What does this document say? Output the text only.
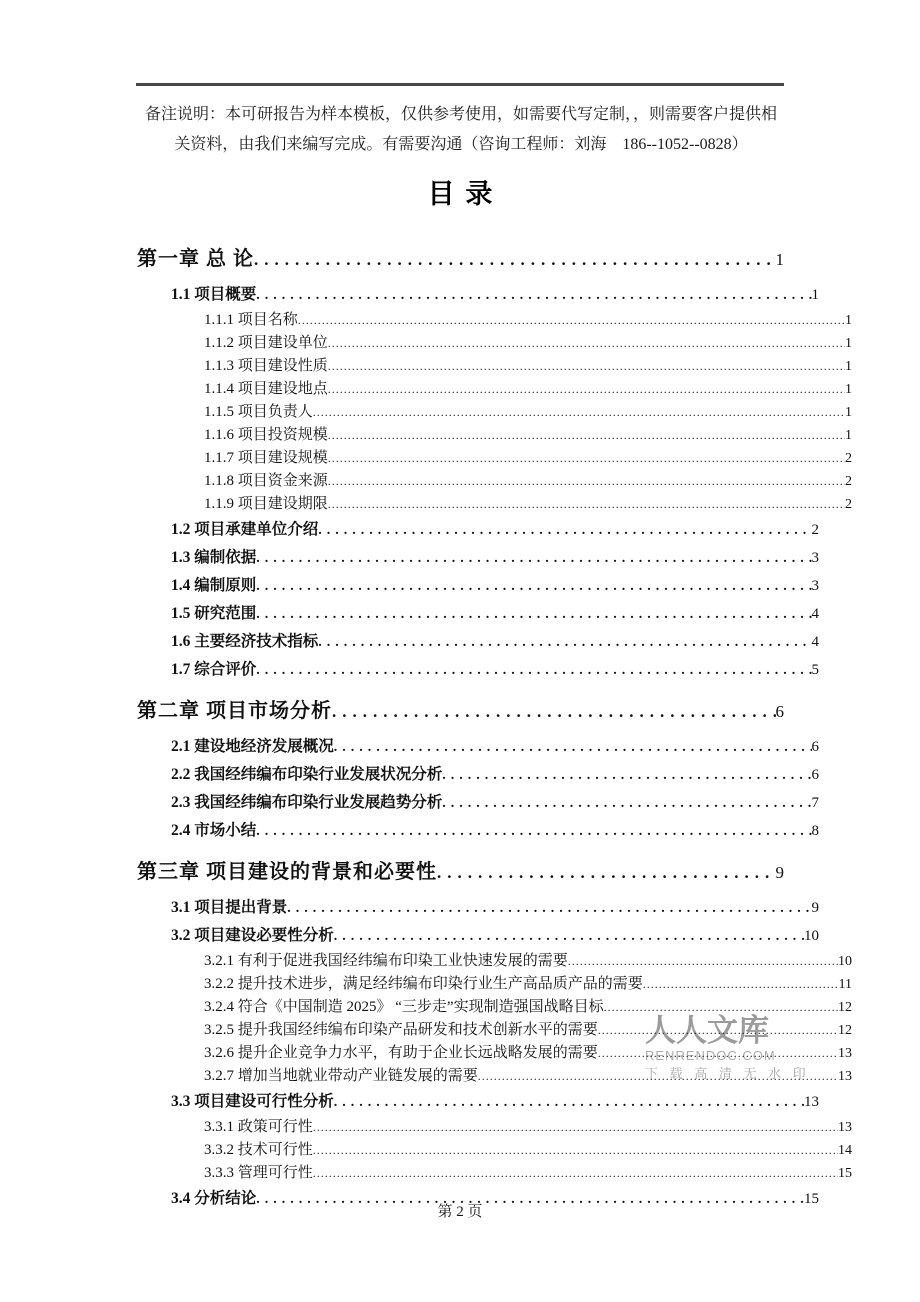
人人文库
RENRENDOC.COM
下 载 高 清 无 水 印
备注说明：本可研报告为样本模板，仅供参考使用，如需要代写定制，，则需要客户提供相
关资料，由我们来编写完成。有需要沟通（咨询工程师：刘海　186--1052--0828）
目 录
第一章 总 论 .....	1
1.1 项目概要 .....	1
1.1.1 项目名称 .....	1
1.1.2 项目建设单位 .....	1
1.1.3 项目建设性质 .....	1
1.1.4 项目建设地点 .....	1
1.1.5 项目负责人 .....	1
1.1.6 项目投资规模 .....	1
1.1.7 项目建设规模 .....	2
1.1.8 项目资金来源 .....	2
1.1.9 项目建设期限 .....	2
1.2 项目承建单位介绍 .....	2
1.3 编制依据 .....	3
1.4 编制原则 .....	3
1.5 研究范围 .....	4
1.6 主要经济技术指标 .....	4
1.7 综合评价 .....	5
第二章 项目市场分析 .....	6
2.1 建设地经济发展概况 .....	6
2.2 我国经纬编布印染行业发展状况分析 .....	6
2.3 我国经纬编布印染行业发展趋势分析 .....	7
2.4 市场小结 .....	8
第三章 项目建设的背景和必要性 .....	9
3.1 项目提出背景 .....	9
3.2 项目建设必要性分析 .....	10
3.2.1 有利于促进我国经纬编布印染工业快速发展的需要 .....	10
3.2.2 提升技术进步，满足经纬编布印染行业生产高品质产品的需要 .....	11
3.2.4 符合《中国制造 2025》 “三步走”实现制造强国战略目标 .....	12
3.2.5 提升我国经纬编布印染产品研发和技术创新水平的需要 .....	12
3.2.6 提升企业竞争力水平，有助于企业长远战略发展的需要 .....	13
3.2.7 增加当地就业带动产业链发展的需要 .....	13
3.3 项目建设可行性分析 .....	13
3.3.1 政策可行性 .....	13
3.3.2 技术可行性 .....	14
3.3.3 管理可行性 .....	15
3.4 分析结论 .....	15
第 2 页
